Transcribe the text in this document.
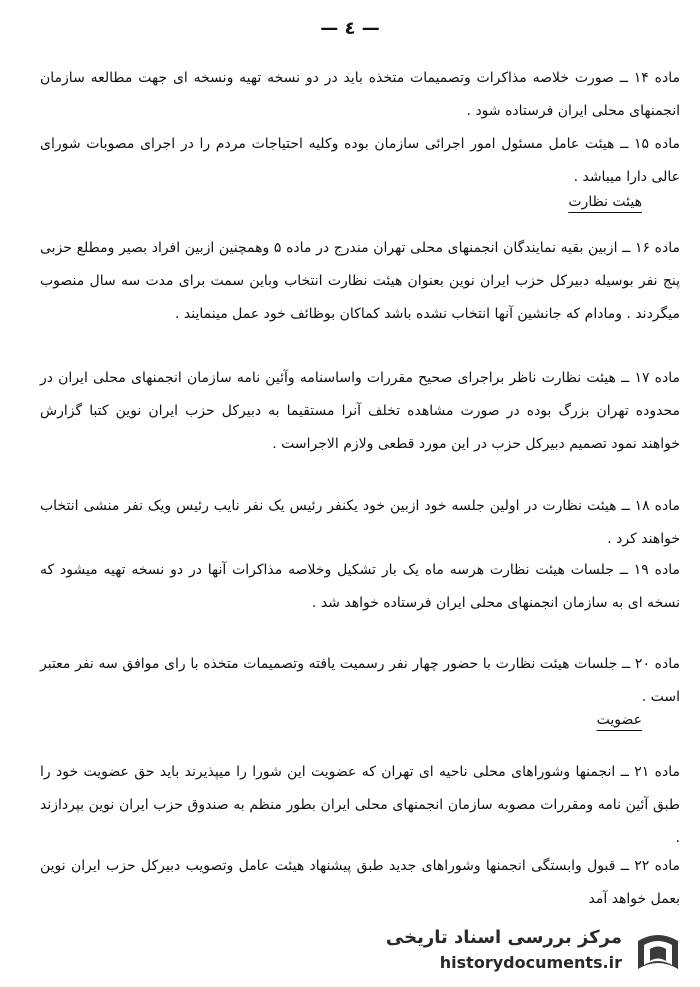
— ٤ —
ماده ۱۴ ــ صورت خلاصه مذاکرات وتصمیمات متخذه باید در دو نسخه تهیه ونسخه ای جهت مطالعه سازمان انجمنهای محلی ایران فرستاده شود .
ماده ۱۵ ــ هیئت عامل مسئول امور اجرائی سازمان بوده وکلیه احتیاجات مردم را در اجرای مصوبات شورای عالی دارا میباشد .
هیئت نظارت
ماده ۱۶ ــ ازبین بقیه نمایندگان انجمنهای محلی تهران مندرج در ماده ۵ وهمچنین ازبین افراد بصیر ومطلع حزبی پنج نفر بوسیله دبیرکل حزب ایران نوین بعنوان هیئت نظارت انتخاب وباین سمت برای مدت سه سال منصوب میگردند . ومادام که جانشین آنها انتخاب نشده باشد کماکان بوظائف خود عمل مینمایند .
ماده ۱۷ ــ هیئت نظارت ناظر براجرای صحیح مقررات واساسنامه وآئین نامه سازمان انجمنهای محلی ایران در محدوده تهران بزرگ بوده در صورت مشاهده تخلف آنرا مستقیما به دبیرکل حزب ایران نوین کتبا گزارش خواهند نمود تصمیم دبیرکل حزب در این مورد قطعی ولازم الاجراست .
ماده ۱۸ ــ هیئت نظارت در اولین جلسه خود ازبین خود یکنفر رئیس یک نفر نایب رئیس ویک نفر منشی انتخاب خواهند کرد .
ماده ۱۹ ــ جلسات هیئت نظارت هرسه ماه یک بار تشکیل وخلاصه مذاکرات آنها در دو نسخه تهیه میشود که نسخه ای به سازمان انجمنهای محلی ایران فرستاده خواهد شد .
ماده ۲۰ ــ جلسات هیئت نظارت با حضور چهار نفر رسمیت یافته وتصمیمات متخذه با رای موافق سه نفر معتبر است .
عضویت
ماده ۲۱ ــ انجمنها وشوراهای محلی ناحیه ای تهران که عضویت این شورا را میپذیرند باید حق عضویت خود را طبق آئین نامه ومقررات مصوبه سازمان انجمنهای محلی ایران بطور منظم به صندوق حزب ایران نوین بپردازند .
ماده ۲۲ ــ قبول وابستگی انجمنها وشوراهای جدید طبق پیشنهاد هیئت عامل وتصویب دبیرکل حزب ایران نوین بعمل خواهد آمد
مرکز بررسی اسناد تاریخی
historydocuments.ir
